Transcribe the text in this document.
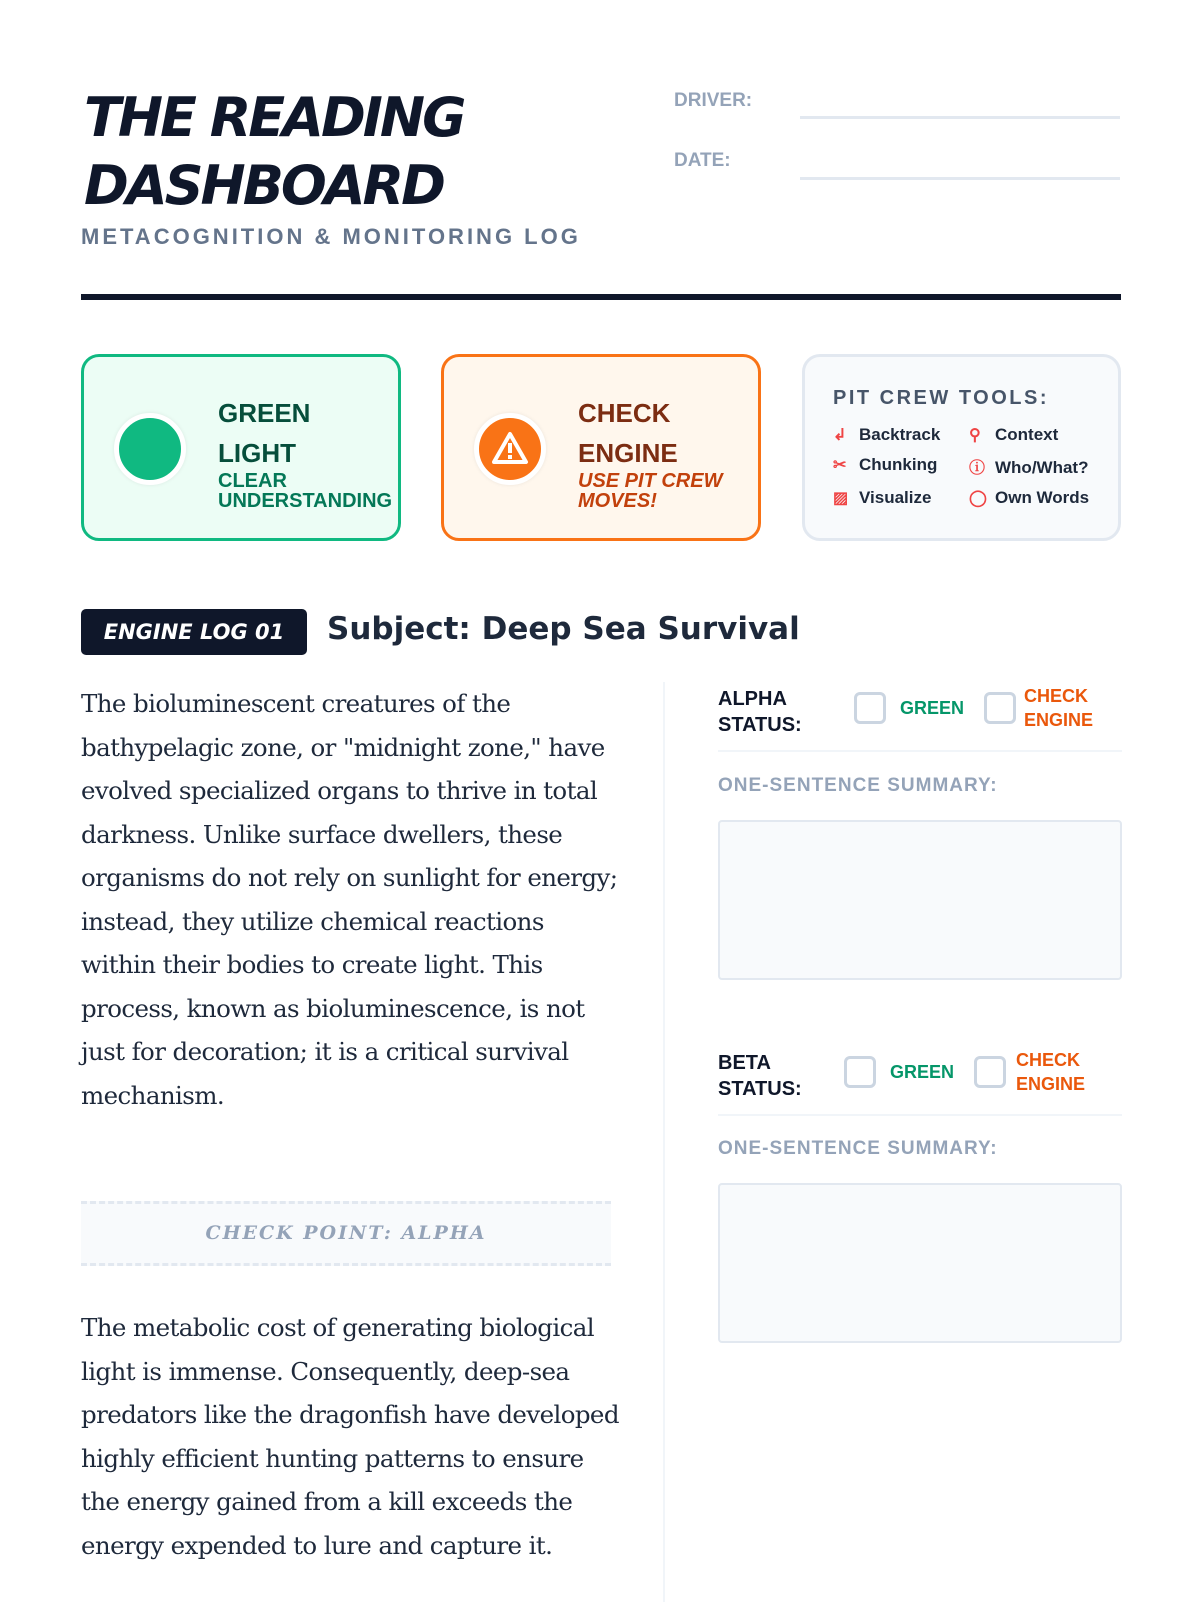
THE READING
DASHBOARD
METACOGNITION & MONITORING LOG
DRIVER:
DATE:
GREEN
LIGHT
CLEAR
UNDERSTANDING
CHECK
ENGINE
USE PIT CREW
MOVES!
PIT CREW TOOLS:
↲ Backtrack	⚲ Context
✂ Chunking	ⓘ Who/What?
▨ Visualize	◯ Own Words
ENGINE LOG 01	Subject: Deep Sea Survival
The bioluminescent creatures of the bathypelagic zone, or "midnight zone," have evolved specialized organs to thrive in total darkness. Unlike surface dwellers, these organisms do not rely on sunlight for energy; instead, they utilize chemical reactions within their bodies to create light. This process, known as bioluminescence, is not just for decoration; it is a critical survival mechanism.
CHECK POINT: ALPHA
The metabolic cost of generating biological light is immense. Consequently, deep-sea predators like the dragonfish have developed highly efficient hunting patterns to ensure the energy gained from a kill exceeds the energy expended to lure and capture it.
ALPHA
STATUS:
GREEN
CHECK
ENGINE
ONE-SENTENCE SUMMARY:
BETA
STATUS:
GREEN
CHECK
ENGINE
ONE-SENTENCE SUMMARY:
